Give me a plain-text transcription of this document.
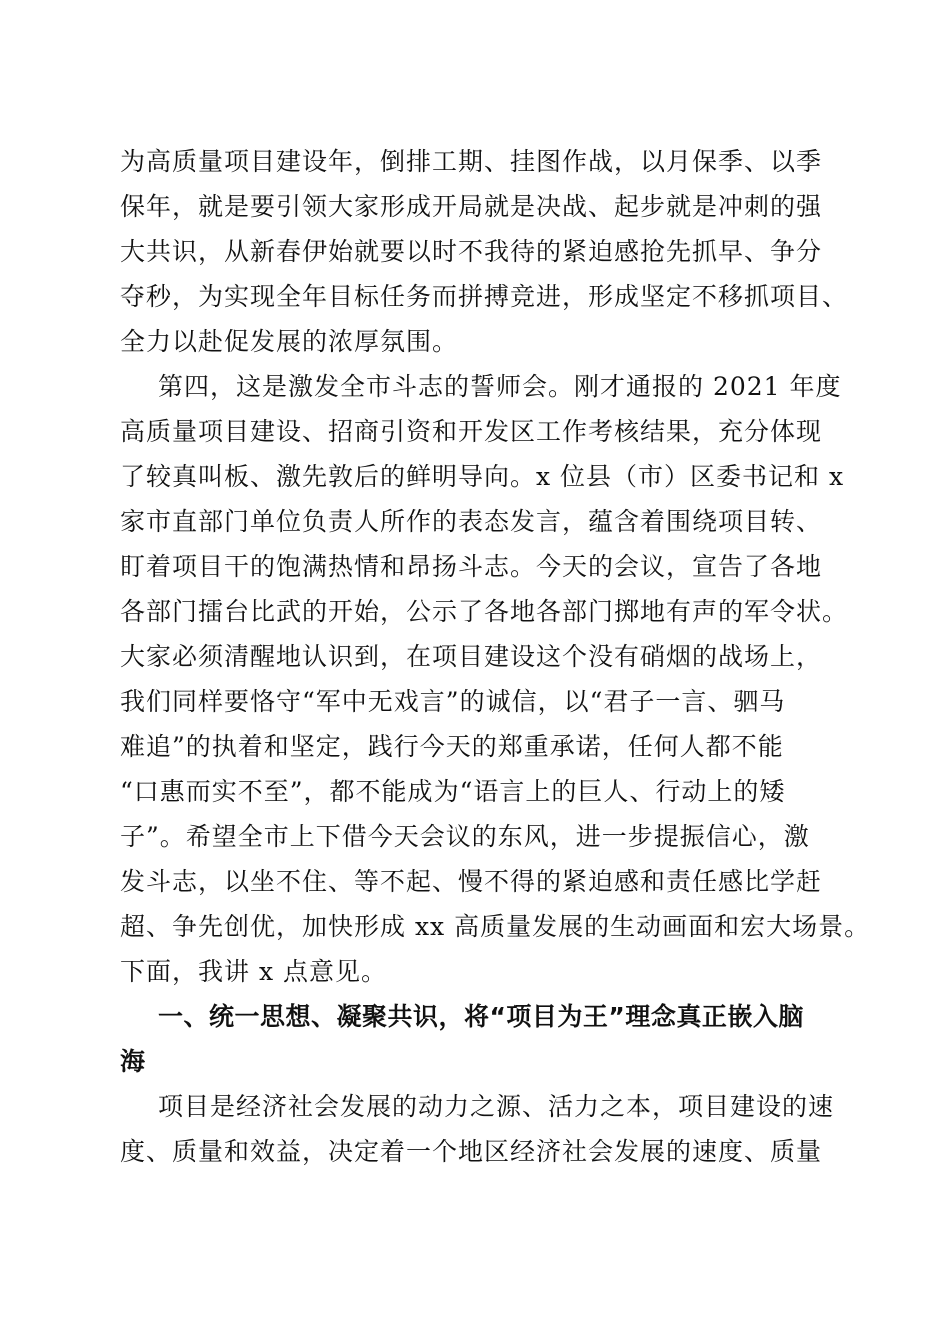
为高质量项目建设年，倒排工期、挂图作战，以月保季、以季
保年，就是要引领大家形成开局就是决战、起步就是冲刺的强
大共识，从新春伊始就要以时不我待的紧迫感抢先抓早、争分
夺秒，为实现全年目标任务而拼搏竞进，形成坚定不移抓项目、
全力以赴促发展的浓厚氛围。
第四，这是激发全市斗志的誓师会。刚才通报的 2021 年度
高质量项目建设、招商引资和开发区工作考核结果，充分体现
了较真叫板、激先敦后的鲜明导向。x 位县（市）区委书记和 x
家市直部门单位负责人所作的表态发言，蕴含着围绕项目转、
盯着项目干的饱满热情和昂扬斗志。今天的会议，宣告了各地
各部门擂台比武的开始，公示了各地各部门掷地有声的军令状。
大家必须清醒地认识到，在项目建设这个没有硝烟的战场上，
我们同样要恪守“军中无戏言”的诚信，以“君子一言、驷马
难追”的执着和坚定，践行今天的郑重承诺，任何人都不能
“口惠而实不至”，都不能成为“语言上的巨人、行动上的矮
子”。希望全市上下借今天会议的东风，进一步提振信心，激
发斗志，以坐不住、等不起、慢不得的紧迫感和责任感比学赶
超、争先创优，加快形成 xx 高质量发展的生动画面和宏大场景。
下面，我讲 x 点意见。
一、统一思想、凝聚共识，将“项目为王”理念真正嵌入脑
海
项目是经济社会发展的动力之源、活力之本，项目建设的速
度、质量和效益，决定着一个地区经济社会发展的速度、质量
